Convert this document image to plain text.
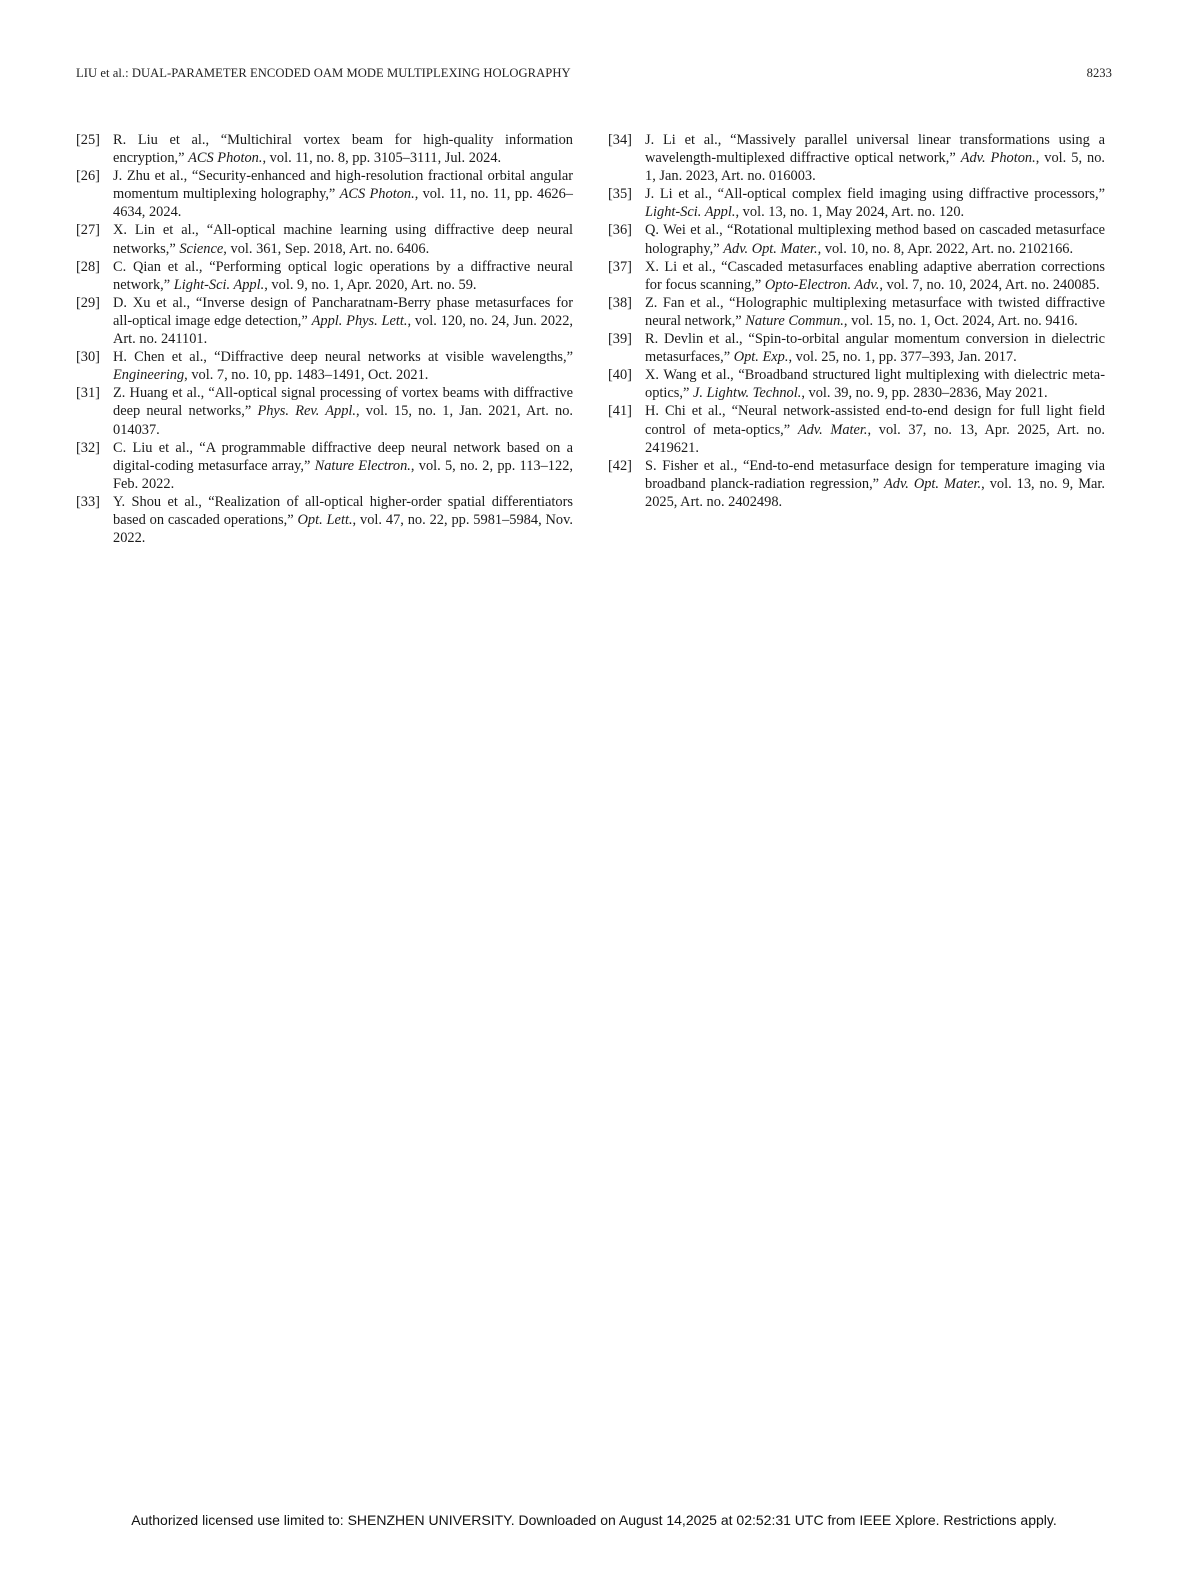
LIU et al.: DUAL-PARAMETER ENCODED OAM MODE MULTIPLEXING HOLOGRAPHY	8233
[25] R. Liu et al., “Multichiral vortex beam for high-quality information encryption,” ACS Photon., vol. 11, no. 8, pp. 3105–3111, Jul. 2024.
[26] J. Zhu et al., “Security-enhanced and high-resolution fractional orbital angular momentum multiplexing holography,” ACS Photon., vol. 11, no. 11, pp. 4626–4634, 2024.
[27] X. Lin et al., “All-optical machine learning using diffractive deep neural networks,” Science, vol. 361, Sep. 2018, Art. no. 6406.
[28] C. Qian et al., “Performing optical logic operations by a diffractive neural network,” Light-Sci. Appl., vol. 9, no. 1, Apr. 2020, Art. no. 59.
[29] D. Xu et al., “Inverse design of Pancharatnam-Berry phase metasurfaces for all-optical image edge detection,” Appl. Phys. Lett., vol. 120, no. 24, Jun. 2022, Art. no. 241101.
[30] H. Chen et al., “Diffractive deep neural networks at visible wavelengths,” Engineering, vol. 7, no. 10, pp. 1483–1491, Oct. 2021.
[31] Z. Huang et al., “All-optical signal processing of vortex beams with diffractive deep neural networks,” Phys. Rev. Appl., vol. 15, no. 1, Jan. 2021, Art. no. 014037.
[32] C. Liu et al., “A programmable diffractive deep neural network based on a digital-coding metasurface array,” Nature Electron., vol. 5, no. 2, pp. 113–122, Feb. 2022.
[33] Y. Shou et al., “Realization of all-optical higher-order spatial differentiators based on cascaded operations,” Opt. Lett., vol. 47, no. 22, pp. 5981–5984, Nov. 2022.
[34] J. Li et al., “Massively parallel universal linear transformations using a wavelength-multiplexed diffractive optical network,” Adv. Photon., vol. 5, no. 1, Jan. 2023, Art. no. 016003.
[35] J. Li et al., “All-optical complex field imaging using diffractive processors,” Light-Sci. Appl., vol. 13, no. 1, May 2024, Art. no. 120.
[36] Q. Wei et al., “Rotational multiplexing method based on cascaded metasurface holography,” Adv. Opt. Mater., vol. 10, no. 8, Apr. 2022, Art. no. 2102166.
[37] X. Li et al., “Cascaded metasurfaces enabling adaptive aberration corrections for focus scanning,” Opto-Electron. Adv., vol. 7, no. 10, 2024, Art. no. 240085.
[38] Z. Fan et al., “Holographic multiplexing metasurface with twisted diffractive neural network,” Nature Commun., vol. 15, no. 1, Oct. 2024, Art. no. 9416.
[39] R. Devlin et al., “Spin-to-orbital angular momentum conversion in dielectric metasurfaces,” Opt. Exp., vol. 25, no. 1, pp. 377–393, Jan. 2017.
[40] X. Wang et al., “Broadband structured light multiplexing with dielectric meta-optics,” J. Lightw. Technol., vol. 39, no. 9, pp. 2830–2836, May 2021.
[41] H. Chi et al., “Neural network-assisted end-to-end design for full light field control of meta-optics,” Adv. Mater., vol. 37, no. 13, Apr. 2025, Art. no. 2419621.
[42] S. Fisher et al., “End-to-end metasurface design for temperature imaging via broadband planck-radiation regression,” Adv. Opt. Mater., vol. 13, no. 9, Mar. 2025, Art. no. 2402498.
Authorized licensed use limited to: SHENZHEN UNIVERSITY. Downloaded on August 14,2025 at 02:52:31 UTC from IEEE Xplore. Restrictions apply.
